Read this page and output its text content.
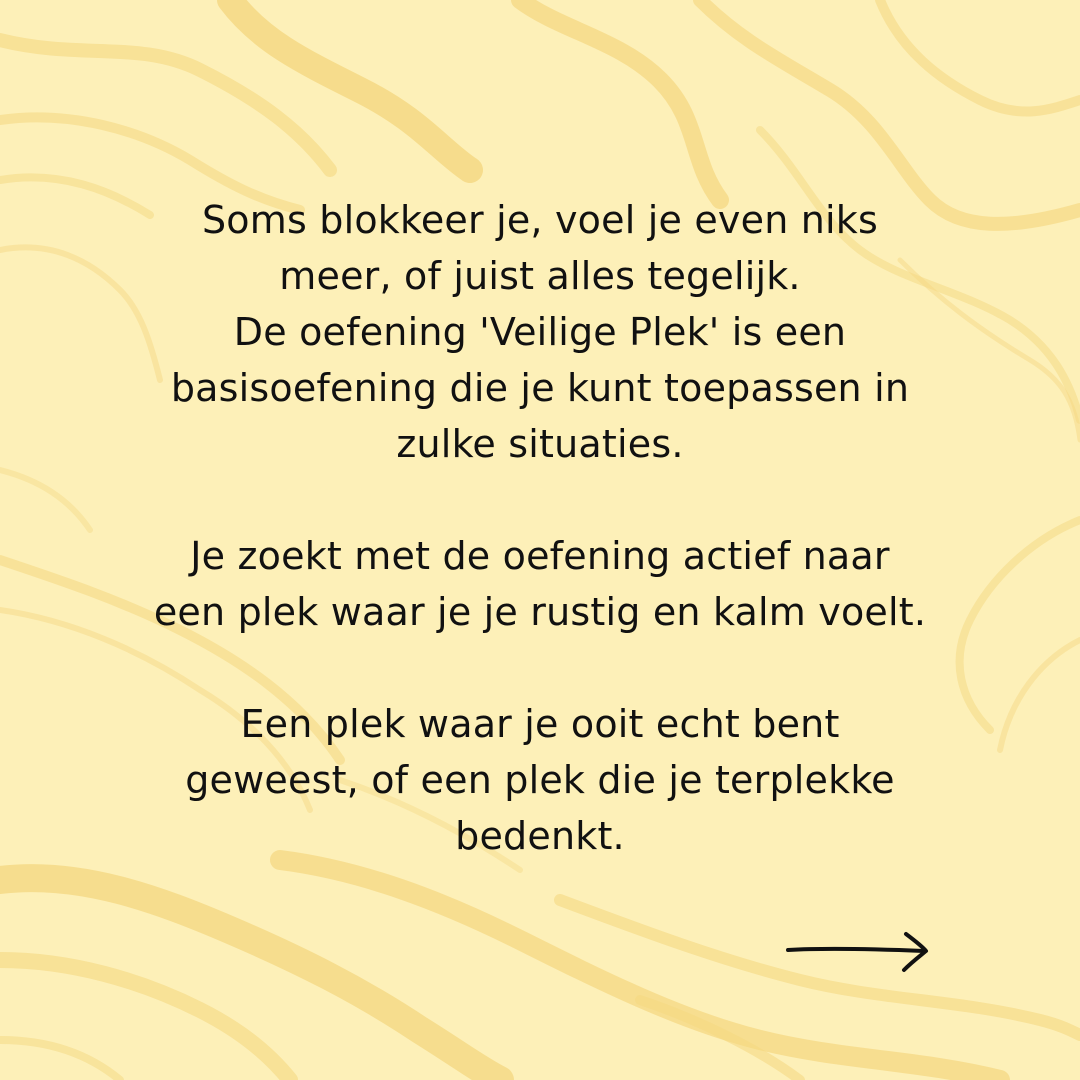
Soms blokkeer je, voel je even niks
meer, of juist alles tegelijk.
De oefening 'Veilige Plek' is een
basisoefening die je kunt toepassen in
zulke situaties.
Je zoekt met de oefening actief naar
een plek waar je je rustig en kalm voelt.
Een plek waar je ooit echt bent
geweest, of een plek die je terplekke
bedenkt.
